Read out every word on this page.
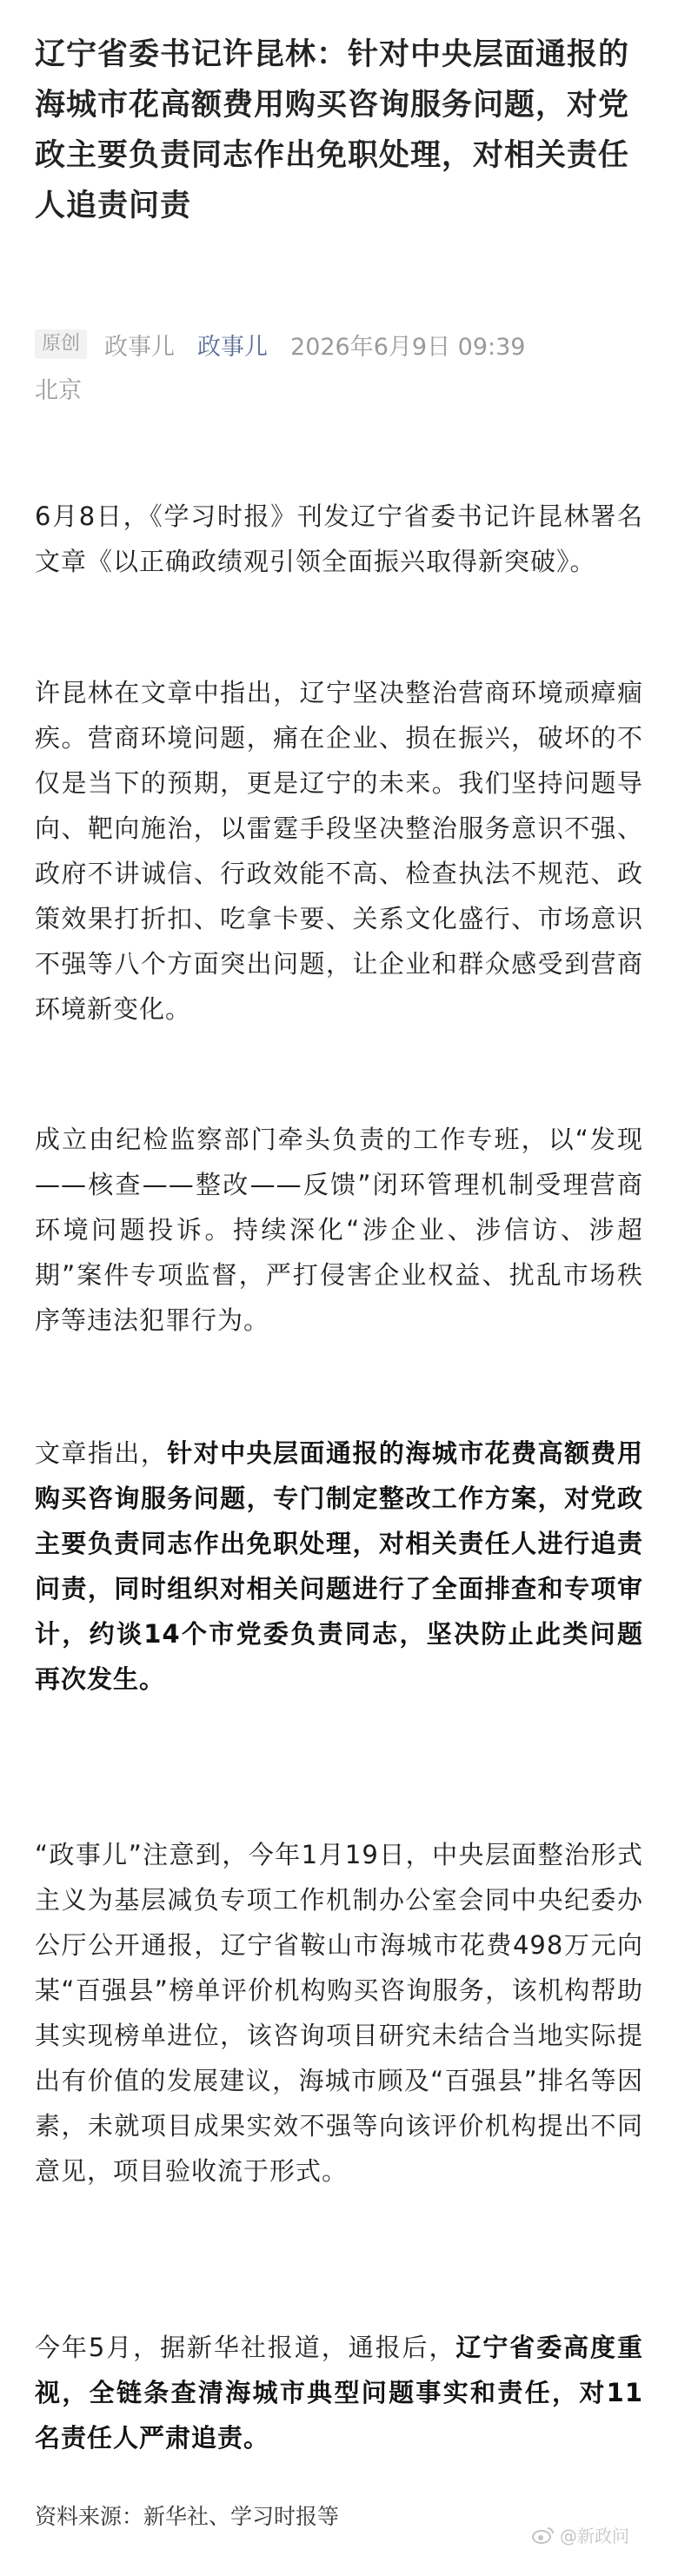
辽宁省委书记许昆林：针对中央层面通报的海城市花高额费用购买咨询服务问题，对党政主要负责同志作出免职处理，对相关责任人追责问责
原创 政事儿 政事儿 2026年6月9日 09:39
北京

6月8日，《学习时报》刊发辽宁省委书记许昆林署名文章《以正确政绩观引领全面振兴取得新突破》。

许昆林在文章中指出，辽宁坚决整治营商环境顽瘴痼疾。营商环境问题，痛在企业、损在振兴，破坏的不仅是当下的预期，更是辽宁的未来。我们坚持问题导向、靶向施治，以雷霆手段坚决整治服务意识不强、政府不讲诚信、行政效能不高、检查执法不规范、政策效果打折扣、吃拿卡要、关系文化盛行、市场意识不强等八个方面突出问题，让企业和群众感受到营商环境新变化。

成立由纪检监察部门牵头负责的工作专班，以“发现——核查——整改——反馈”闭环管理机制受理营商环境问题投诉。持续深化“涉企业、涉信访、涉超期”案件专项监督，严打侵害企业权益、扰乱市场秩序等违法犯罪行为。

文章指出，针对中央层面通报的海城市花费高额费用购买咨询服务问题，专门制定整改工作方案，对党政主要负责同志作出免职处理，对相关责任人进行追责问责，同时组织对相关问题进行了全面排查和专项审计，约谈14个市党委负责同志，坚决防止此类问题再次发生。

“政事儿”注意到，今年1月19日，中央层面整治形式主义为基层减负专项工作机制办公室会同中央纪委办公厅公开通报，辽宁省鞍山市海城市花费498万元向某“百强县”榜单评价机构购买咨询服务，该机构帮助其实现榜单进位，该咨询项目研究未结合当地实际提出有价值的发展建议，海城市顾及“百强县”排名等因素，未就项目成果实效不强等向该评价机构提出不同意见，项目验收流于形式。

今年5月，据新华社报道，通报后，辽宁省委高度重视，全链条查清海城市典型问题事实和责任，对11名责任人严肃追责。

资料来源：新华社、学习时报等
@新政问
